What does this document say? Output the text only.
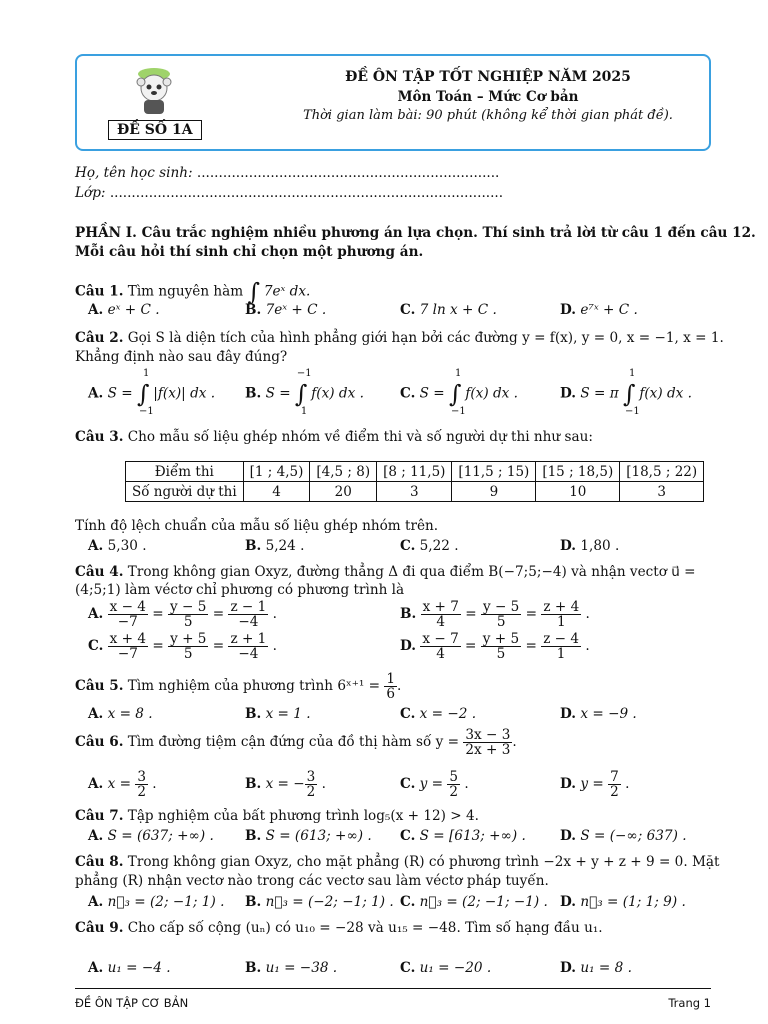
ĐỀ SỐ 1A
ĐỀ ÔN TẬP TỐT NGHIỆP NĂM 2025
Môn Toán – Mức Cơ bản
Thời gian làm bài: 90 phút (không kể thời gian phát đề).
Họ, tên học sinh: ......................................................................
Lớp: ...........................................................................................
PHẦN I. Câu trắc nghiệm nhiều phương án lựa chọn. Thí sinh trả lời từ câu 1 đến câu 12.
Mỗi câu hỏi thí sinh chỉ chọn một phương án.
Câu 1. Tìm nguyên hàm ∫ 7eˣ dx.
A. eˣ + C .	B. 7eˣ + C .	C. 7 ln x + C .	D. e⁷ˣ + C .
Câu 2. Gọi S là diện tích của hình phẳng giới hạn bởi các đường y = f(x), y = 0, x = −1, x = 1.
Khẳng định nào sau đây đúng?
A. S = ∫
1
−1
|f(x)| dx . B. S = ∫
−1
1
f(x) dx .	C. S = ∫
1
−1
f(x) dx .	D. S = π ∫
1
−1
f(x) dx .
Câu 3. Cho mẫu số liệu ghép nhóm về điểm thi và số người dự thi như sau:
Điểm thi	[1 ; 4,5)	[4,5 ; 8)	[8 ; 11,5)	[11,5 ; 15)	[15 ; 18,5)	[18,5 ; 22)
Số người dự thi	4	20	3	9	10	3
Tính độ lệch chuẩn của mẫu số liệu ghép nhóm trên.
A. 5,30 .	B. 5,24 .	C. 5,22 .	D. 1,80 .
Câu 4. Trong không gian Oxyz, đường thẳng Δ đi qua điểm B(−7;5;−4) và nhận vectơ u⃗ =
(4;5;1) làm véctơ chỉ phương có phương trình là
A. $\frac{x - 4}{-7} = \frac{y - 5}{5} = \frac{z - 1}{-4}$ .	B. $\frac{x + 7}{4} = \frac{y - 5}{5} = \frac{z + 4}{1}$ .
C. $\frac{x + 4}{-7} = \frac{y + 5}{5} = \frac{z + 1}{-4}$ .	D. $\frac{x - 7}{4} = \frac{y + 5}{5} = \frac{z - 4}{1}$ .
Câu 5. Tìm nghiệm của phương trình 6ˣ⁺¹ = $\frac{1}{6}$ .
A. x = 8 .	B. x = 1 .	C. x = −2 .	D. x = −9 .
Câu 6. Tìm đường tiệm cận đứng của đồ thị hàm số $y = \frac{3x - 3}{2x + 3}$ .
A. $x = \frac{3}{2}$ .	B. x = − $\frac{3}{2}$ .	C. $y = \frac{5}{2}$ .	D. $y = \frac{7}{2}$ .
Câu 7. Tập nghiệm của bất phương trình log₅(x + 12) > 4.
A. S = (637; +∞) . B. S = (613; +∞) . C. S = [613; +∞) .	D. S = (−∞; 637) .
Câu 8. Trong không gian Oxyz, cho mặt phẳng (R) có phương trình −2x + y + z + 9 = 0. Mặt
phẳng (R) nhận vectơ nào trong các vectơ sau làm véctơ pháp tuyến.
A. n⃗₃ = (2; −1; 1) . B. n⃗₃ = (−2; −1; 1) . C. n⃗₃ = (2; −1; −1) . D. n⃗₃ = (1; 1; 9) .
Câu 9. Cho cấp số cộng (uₙ) có u₁₀ = −28 và u₁₅ = −48. Tìm số hạng đầu u₁.
A. u₁ = −4 .	B. u₁ = −38 .	C. u₁ = −20 .	D. u₁ = 8 .
ĐỀ ÔN TẬP CƠ BẢN	Trang 1
